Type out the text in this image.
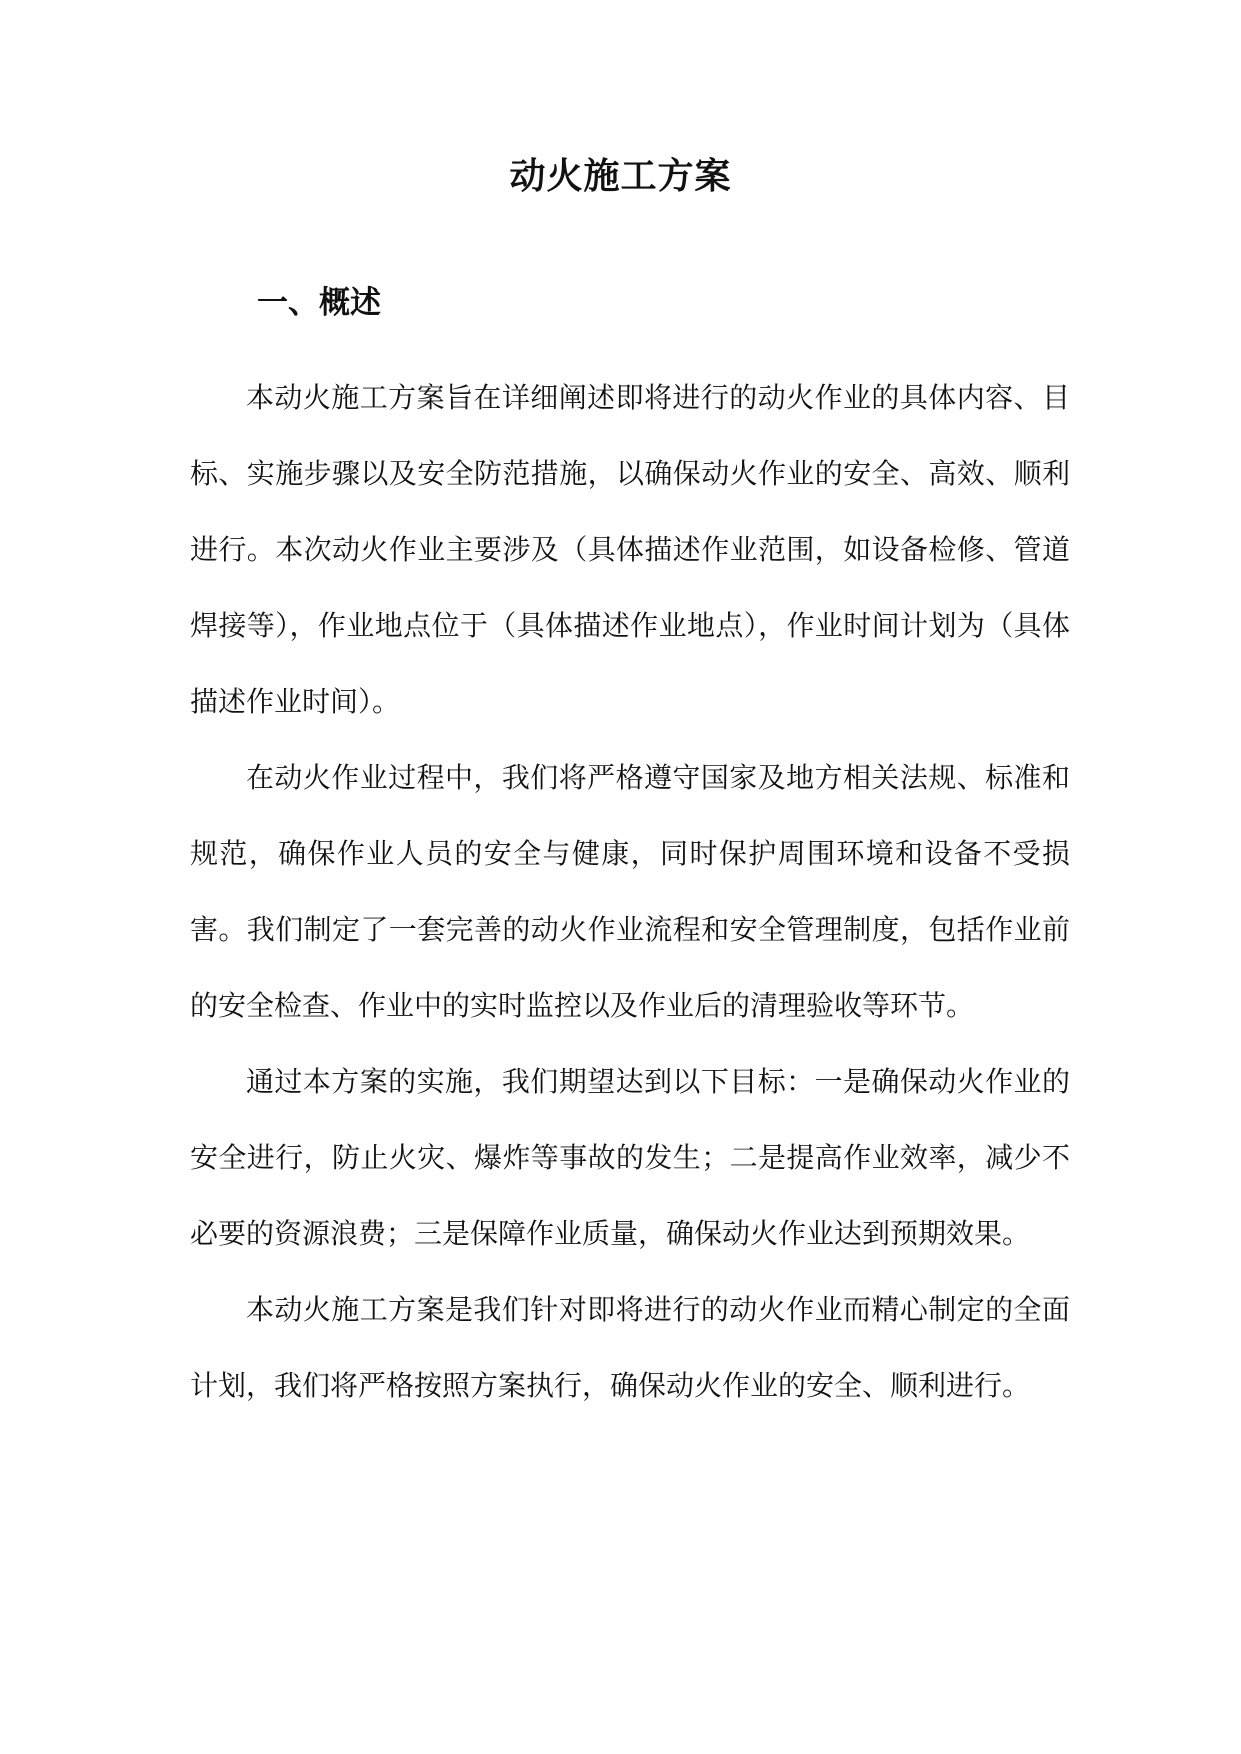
动火施工方案
一、概述

本动火施工方案旨在详细阐述即将进行的动火作业的具体内容、目标、实施步骤以及安全防范措施，以确保动火作业的安全、高效、顺利进行。本次动火作业主要涉及（具体描述作业范围，如设备检修、管道焊接等），作业地点位于（具体描述作业地点），作业时间计划为（具体描述作业时间）。

在动火作业过程中，我们将严格遵守国家及地方相关法规、标准和规范，确保作业人员的安全与健康，同时保护周围环境和设备不受损害。我们制定了一套完善的动火作业流程和安全管理制度，包括作业前的安全检查、作业中的实时监控以及作业后的清理验收等环节。

通过本方案的实施，我们期望达到以下目标：一是确保动火作业的安全进行，防止火灾、爆炸等事故的发生；二是提高作业效率，减少不必要的资源浪费；三是保障作业质量，确保动火作业达到预期效果。

本动火施工方案是我们针对即将进行的动火作业而精心制定的全面计划，我们将严格按照方案执行，确保动火作业的安全、顺利进行。
